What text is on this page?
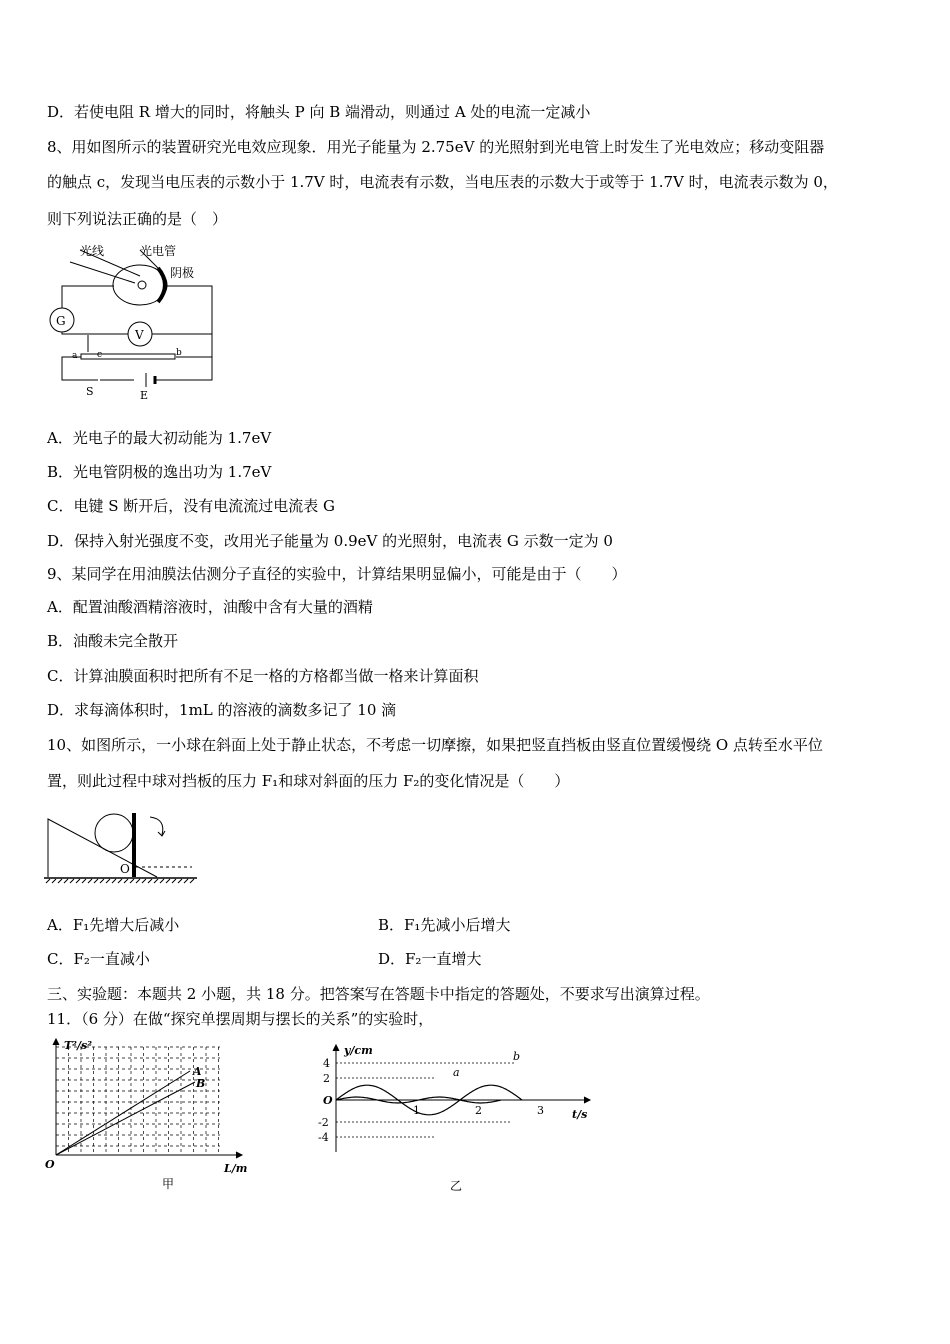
D．若使电阻 R 增大的同时，将触头 P 向 B 端滑动，则通过 A 处的电流一定减小
8、用如图所示的装置研究光电效应现象．用光子能量为 2.75eV 的光照射到光电管上时发生了光电效应；移动变阻器
的触点 c，发现当电压表的示数小于 1.7V 时，电流表有示数，当电压表的示数大于或等于 1.7V 时，电流表示数为 0，
则下列说法正确的是（　）
光线	光电管
阴极
G
V
a c	b
S	E
A．光电子的最大初动能为 1.7eV
B．光电管阴极的逸出功为 1.7eV
C．电键 S 断开后，没有电流流过电流表 G
D．保持入射光强度不变，改用光子能量为 0.9eV 的光照射，电流表 G 示数一定为 0
9、某同学在用油膜法估测分子直径的实验中，计算结果明显偏小，可能是由于（　　）
A．配置油酸酒精溶液时，油酸中含有大量的酒精
B．油酸未完全散开
C．计算油膜面积时把所有不足一格的方格都当做一格来计算面积
D．求每滴体积时，1mL 的溶液的滴数多记了 10 滴
10、如图所示，一小球在斜面上处于静止状态，不考虑一切摩擦，如果把竖直挡板由竖直位置缓慢绕 O 点转至水平位
置，则此过程中球对挡板的压力 F₁和球对斜面的压力 F₂的变化情况是（　　）
O
A．F₁先增大后减小	B．F₁先减小后增大
C．F₂一直减小	D．F₂一直增大
三、实验题：本题共 2 小题，共 18 分。把答案写在答题卡中指定的答题处，不要求写出演算过程。
11．（6 分）在做“探究单摆周期与摆长的关系”的实验时，
T²/s²
L/m
O
A
B
甲
y/cm
t/s
O
4
2
-2
-4
1	2	3
a
b
乙
